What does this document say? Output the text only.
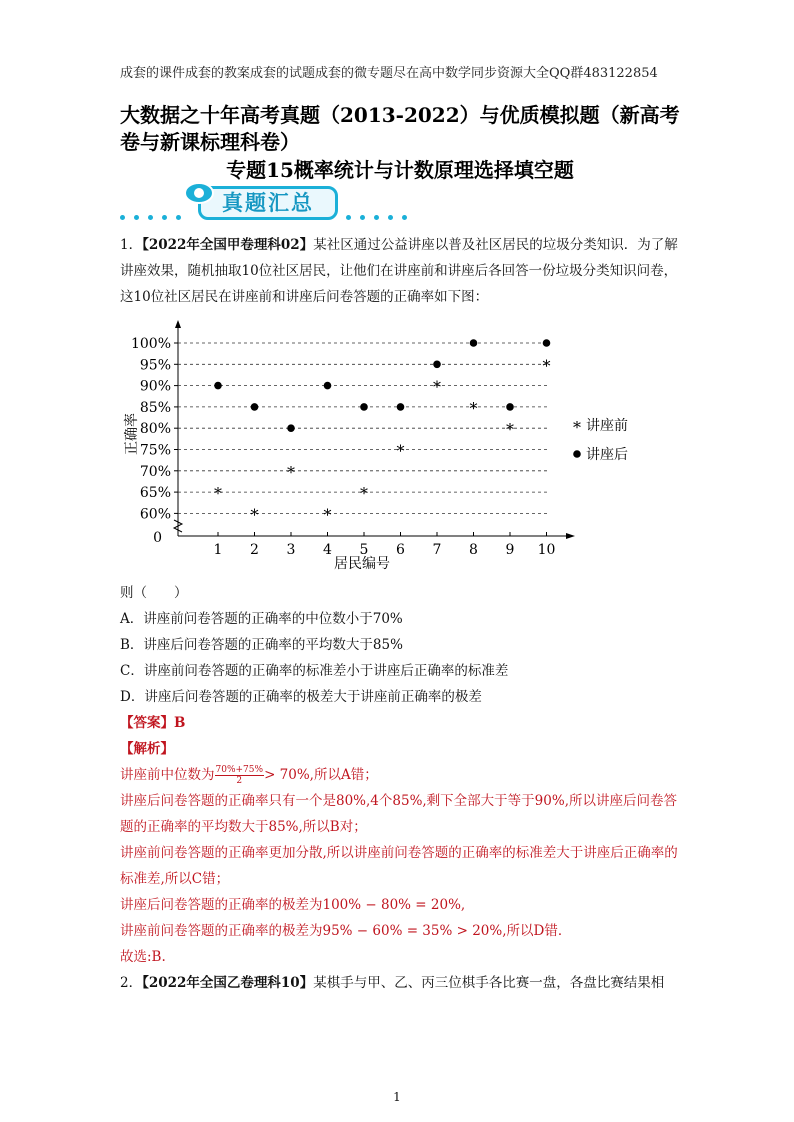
成套的课件成套的教案成套的试题成套的微专题尽在高中数学同步资源大全QQ群483122854
大数据之十年高考真题（2013-2022）与优质模拟题（新高考卷与新课标理科卷）
专题15概率统计与计数原理选择填空题
真题汇总
1．【2022年全国甲卷理科02】某社区通过公益讲座以普及社区居民的垃圾分类知识．为了解讲座效果，随机抽取10位社区居民，让他们在讲座前和讲座后各回答一份垃圾分类知识问卷，这10位社区居民在讲座前和讲座后问卷答题的正确率如下图：
60%
65%
70%
75%
80%
85%
90%
95%
100%
0
1 2 3 4 5 6 7 8 9 10
居民编号
正确率
*
*
*
*
*
*
*
*
*
*
* 讲座前
讲座后
则（　　）
A．讲座前问卷答题的正确率的中位数小于70%
B．讲座后问卷答题的正确率的平均数大于85%
C．讲座前问卷答题的正确率的标准差小于讲座后正确率的标准差
D．讲座后问卷答题的正确率的极差大于讲座前正确率的极差
【答案】B
【解析】
讲座前中位数为 $\frac{70\%+75\%}{2} > 70\%$,所以A错；
讲座后问卷答题的正确率只有一个是80%,4个85%,剩下全部大于等于90%,所以讲座后问卷答题的正确率的平均数大于85%,所以B对；
讲座前问卷答题的正确率更加分散,所以讲座前问卷答题的正确率的标准差大于讲座后正确率的标准差,所以C错；
讲座后问卷答题的正确率的极差为100% − 80% = 20%,
讲座前问卷答题的正确率的极差为95% − 60% = 35% > 20%,所以D错．
故选:B.
2．【2022年全国乙卷理科10】某棋手与甲、乙、丙三位棋手各比赛一盘，各盘比赛结果相
1
